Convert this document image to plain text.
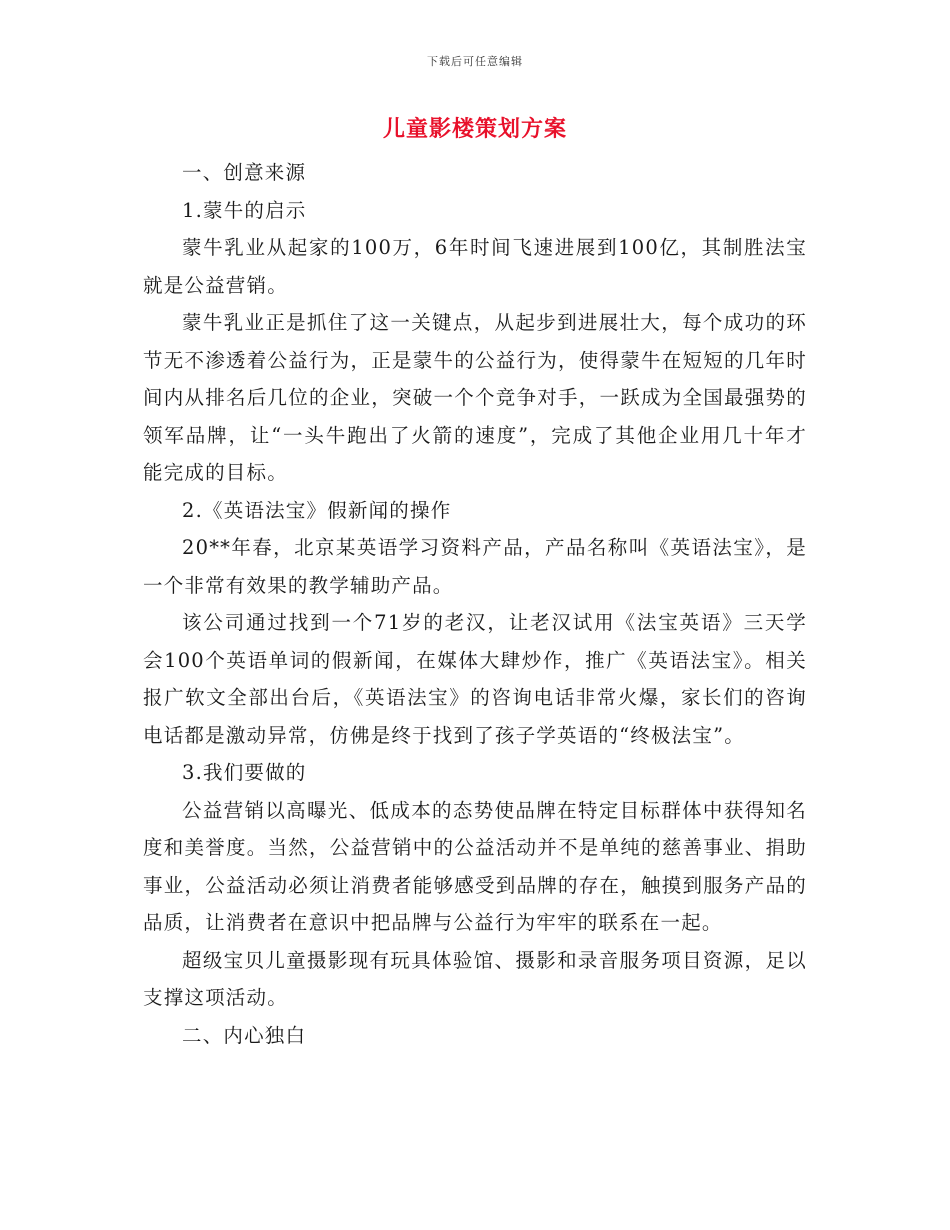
下载后可任意编辑
儿童影楼策划方案

一、创意来源

1.蒙牛的启示

蒙牛乳业从起家的100万，6年时间飞速进展到100亿，其制胜法宝就是公益营销。

蒙牛乳业正是抓住了这一关键点，从起步到进展壮大，每个成功的环节无不渗透着公益行为，正是蒙牛的公益行为，使得蒙牛在短短的几年时间内从排名后几位的企业，突破一个个竞争对手，一跃成为全国最强势的领军品牌，让“一头牛跑出了火箭的速度”，完成了其他企业用几十年才能完成的目标。

2.《英语法宝》假新闻的操作

20**年春，北京某英语学习资料产品，产品名称叫《英语法宝》，是一个非常有效果的教学辅助产品。

该公司通过找到一个71岁的老汉，让老汉试用《法宝英语》三天学会100个英语单词的假新闻，在媒体大肆炒作，推广《英语法宝》。相关报广软文全部出台后，《英语法宝》的咨询电话非常火爆，家长们的咨询电话都是激动异常，仿佛是终于找到了孩子学英语的“终极法宝”。

3.我们要做的

公益营销以高曝光、低成本的态势使品牌在特定目标群体中获得知名度和美誉度。当然，公益营销中的公益活动并不是单纯的慈善事业、捐助事业，公益活动必须让消费者能够感受到品牌的存在，触摸到服务产品的品质，让消费者在意识中把品牌与公益行为牢牢的联系在一起。

超级宝贝儿童摄影现有玩具体验馆、摄影和录音服务项目资源，足以支撑这项活动。

二、内心独白
